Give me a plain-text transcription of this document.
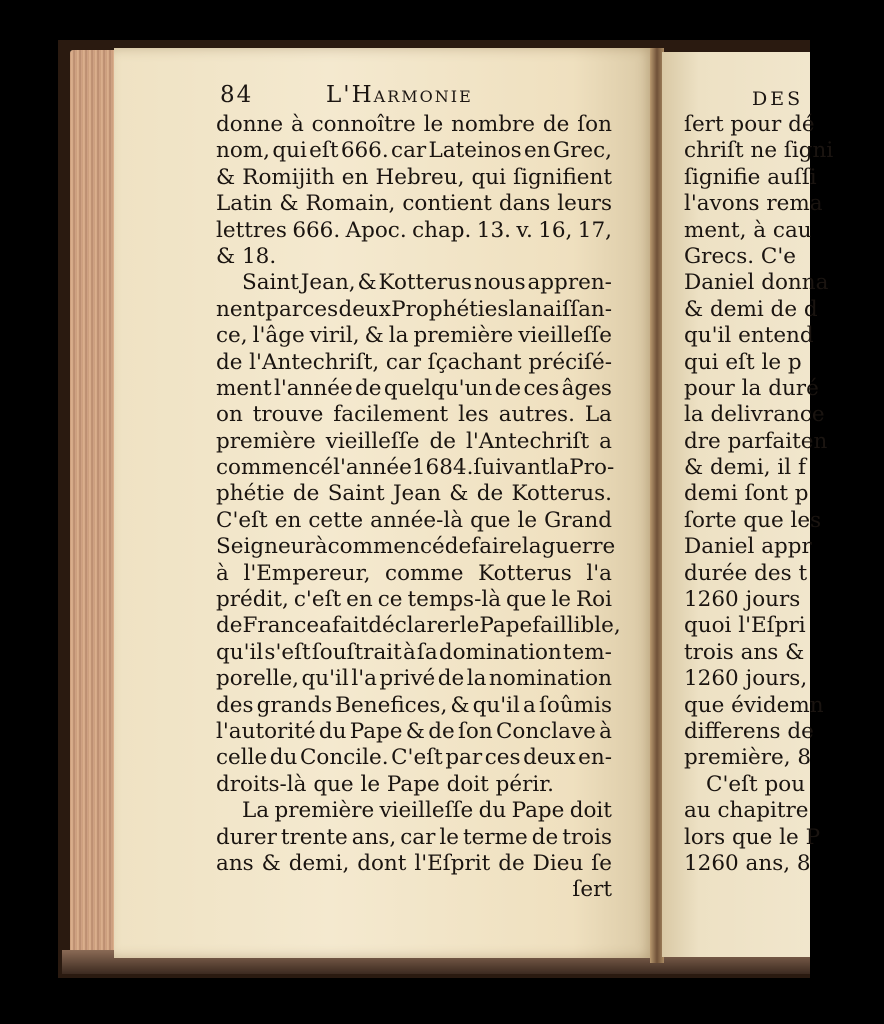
84	L'Harmonie
donne à connoître le nombre de ſon
nom, qui eſt 666. car Lateinos en Grec,
& Romijith en Hebreu, qui ſignifient
Latin & Romain, contient dans leurs
lettres 666. Apoc. chap. 13. v. 16, 17,
& 18.
Saint Jean, & Kotterus nous appren-
nent par ces deux Prophéties la naiſſan-
ce, l'âge viril, & la première vieilleſſe
de l'Antechriſt, car ſçachant préciſé-
ment l'année de quelqu'un de ces âges
on trouve facilement les autres. La
première vieilleſſe de l'Antechriſt a
commencé l'année 1684. ſuivant la Pro-
phétie de Saint Jean & de Kotterus.
C'eſt en cette année-là que le Grand
Seigneur à commencé de faire la guerre
à l'Empereur, comme Kotterus l'a
prédit, c'eſt en ce temps-là que le Roi
de France a fait déclarer le Pape faillible,
qu'il s'eſt ſouſtrait à ſa domination tem-
porelle, qu'il l'a privé de la nomination
des grands Benefices, & qu'il a ſoûmis
l'autorité du Pape & de ſon Conclave à
celle du Concile. C'eſt par ces deux en-
droits-là que le Pape doit périr.
La première vieilleſſe du Pape doit
durer trente ans, car le terme de trois
ans & demi, dont l'Eſprit de Dieu ſe
ſert
DES
ſert pour dé
chriſt ne ſigni
ſignifie auſſi
l'avons rema
ment, à cau
Grecs. C'e
Daniel donna
& demi de d
qu'il entend
qui eſt le p
pour la duré
la delivrance
dre parfaiten
& demi, il f
demi ſont p
ſorte que les
Daniel appr
durée des t
1260 jours
quoi l'Eſpri
trois ans &
1260 jours,
que évidemn
differens de
première, 8
C'eſt pou
au chapitre
lors que le P
1260 ans, 8
